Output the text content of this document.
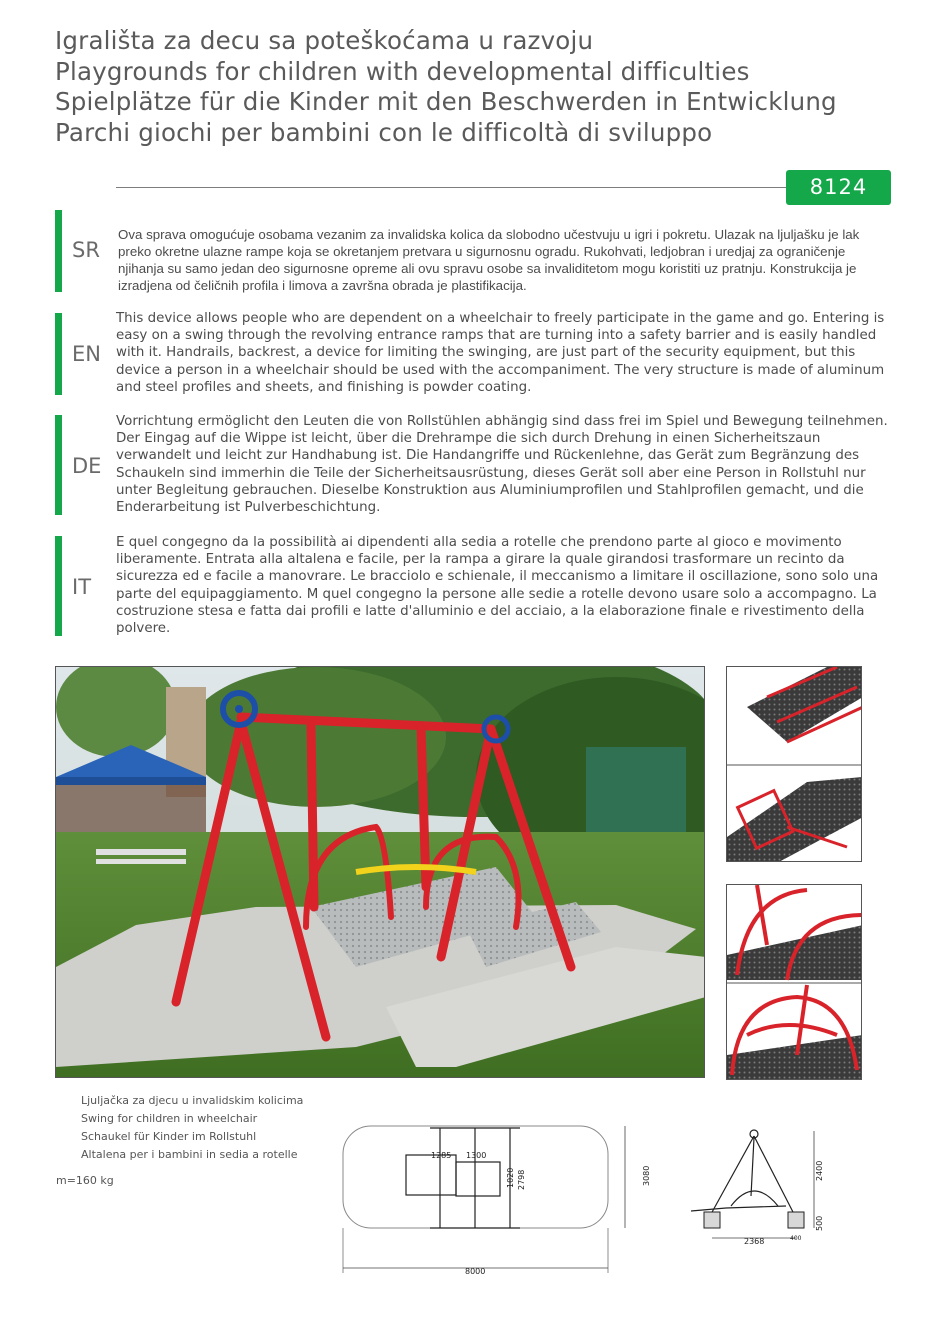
Igrališta za decu sa poteškoćama u razvoju
Playgrounds for children with developmental difficulties
Spielplätze für die Kinder mit den Beschwerden in Entwicklung
Parchi giochi per bambini con le difficoltà di sviluppo
8124
SR
Ova sprava omogućuje osobama vezanim za invalidska kolica da slobodno učestvuju u igri i pokretu. Ulazak na ljuljašku je lak preko okretne ulazne rampe koja se okretanjem pretvara u sigurnosnu ogradu. Rukohvati, ledjobran i uredjaj za ograničenje njihanja su samo jedan deo sigurnosne opreme ali ovu spravu osobe sa invaliditetom mogu koristiti uz pratnju. Konstrukcija je izradjena od čeličnih profila i limova a završna obrada je plastifikacija.
EN
This device allows people who are dependent on a wheelchair to freely participate in the game and go. Entering is easy on a swing through the revolving entrance ramps that are turning into a safety barrier and is easily handled with it. Handrails, backrest, a device for limiting the swinging, are just part of the security equipment, but this device a person in a wheelchair should be used with the accompaniment. The very structure is made of aluminum and steel profiles and sheets, and finishing is powder coating.
DE
Vorrichtung ermöglicht den Leuten die von Rollstühlen abhängig sind dass frei im Spiel und Bewegung teilnehmen. Der Eingag auf die Wippe ist leicht, über die Drehrampe die sich durch Drehung in einen Sicherheitszaun verwandelt und leicht zur Handhabung ist. Die Handangriffe und Rückenlehne, das Gerät zum Begränzung des Schaukeln sind immerhin die Teile der Sicherheitsausrüstung, dieses Gerät soll aber eine Person in Rollstuhl nur unter Begleitung gebrauchen. Dieselbe Konstruktion aus Aluminiumprofilen und Stahlprofilen gemacht, und die Enderarbeitung ist Pulverbeschichtung.
IT
E quel congegno da la possibilità ai dipendenti alla sedia a rotelle che prendono parte al gioco e movimento liberamente. Entrata alla altalena e facile, per la rampa a girare la quale girandosi trasformare un recinto da sicurezza ed e facile a manovrare. Le bracciolo e schienale, il meccanismo a limitare il oscillazione, sono solo una parte del equipaggiamento. M quel congegno la persone alle sedie a rotelle devono usare solo a accompagno. La costruzione stesa e fatta dai profili e latte d'alluminio e del acciaio, a la elaborazione finale e rivestimento della polvere.
Ljuljačka za djecu u invalidskim kolicima
Swing for children in wheelchair
Schaukel für Kinder im Rollstuhl
Altalena per i bambini in sedia a rotelle
m=160 kg
1285 1300
1020 2798	3080
8000
2400
500
2368	400
